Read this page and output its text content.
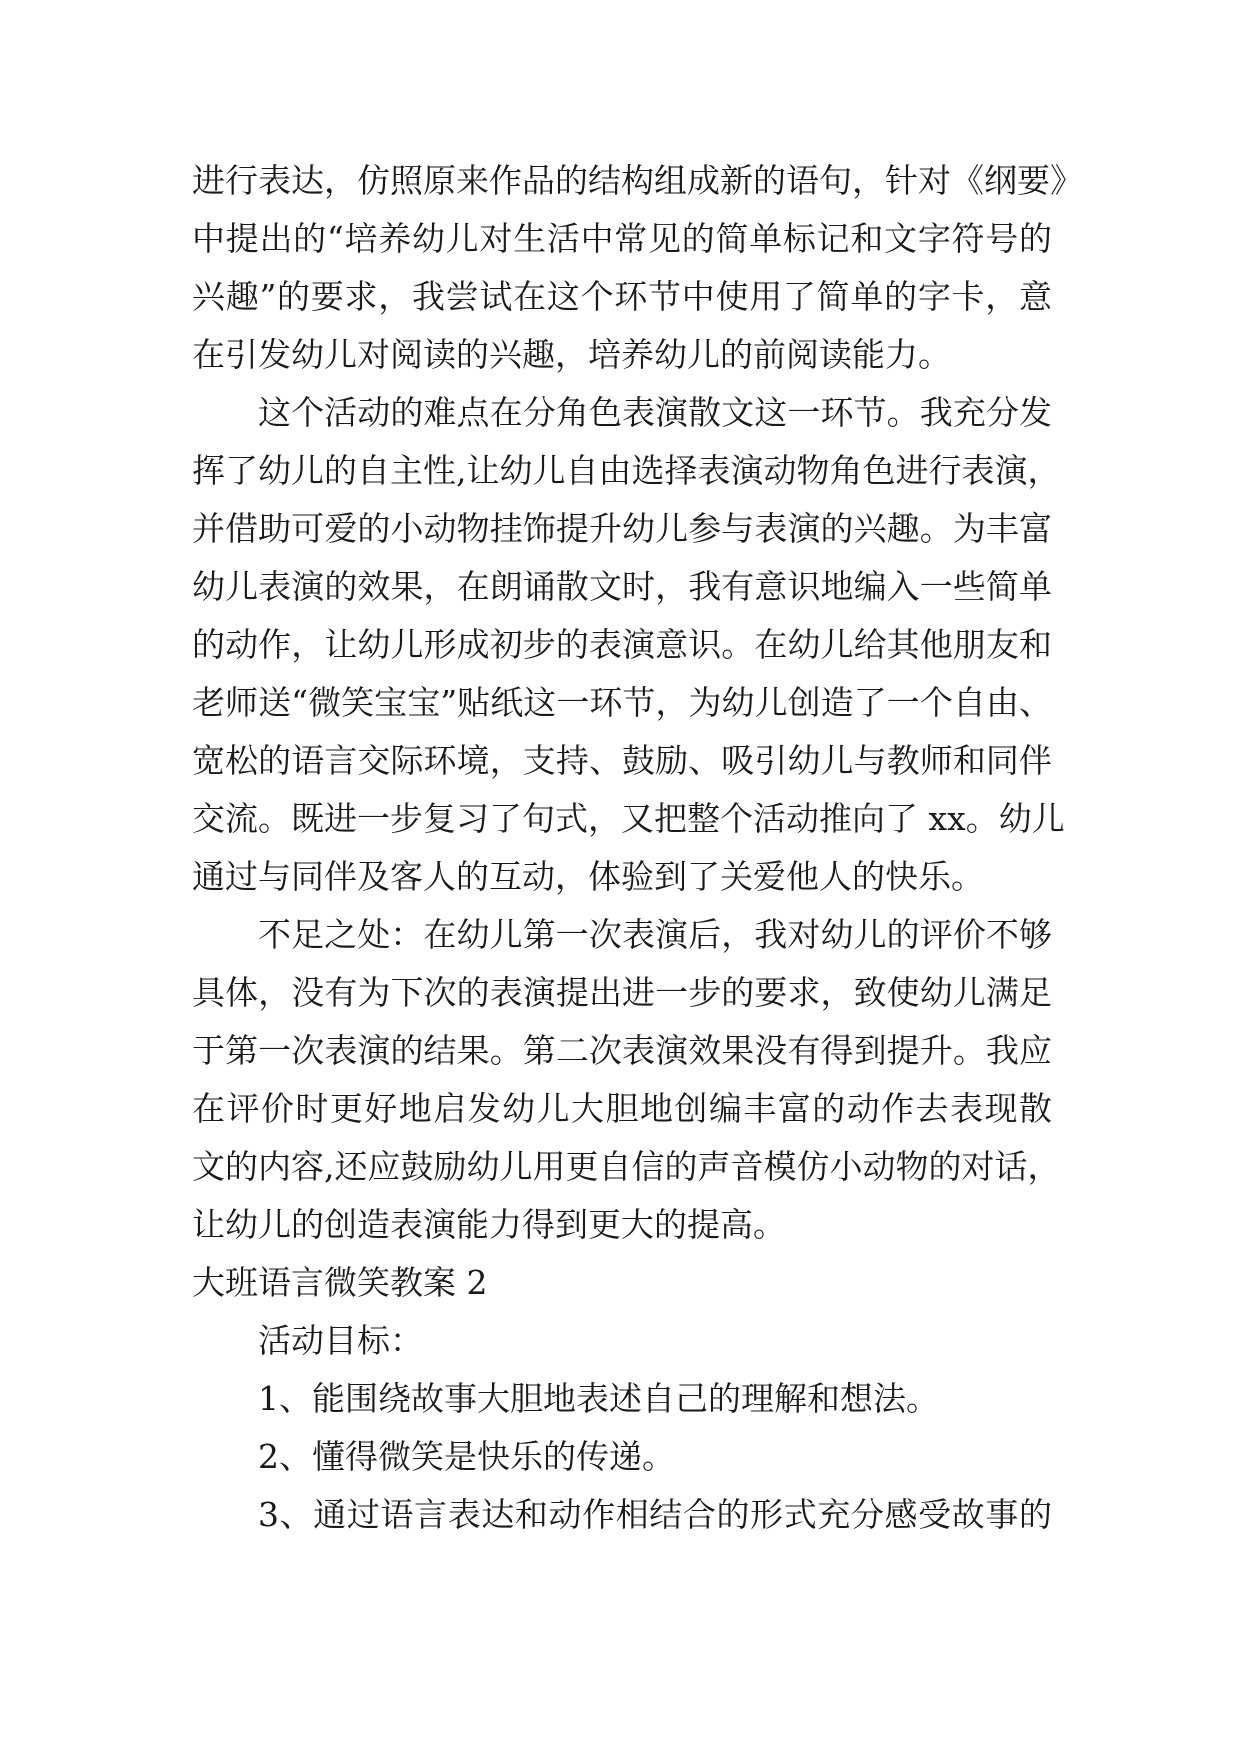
进行表达，仿照原来作品的结构组成新的语句，针对《纲要》
中提出的“培养幼儿对生活中常见的简单标记和文字符号的
兴趣”的要求，我尝试在这个环节中使用了简单的字卡，意
在引发幼儿对阅读的兴趣，培养幼儿的前阅读能力。
这个活动的难点在分角色表演散文这一环节。我充分发
挥了幼儿的自主性,让幼儿自由选择表演动物角色进行表演，
并借助可爱的小动物挂饰提升幼儿参与表演的兴趣。为丰富
幼儿表演的效果，在朗诵散文时，我有意识地编入一些简单
的动作，让幼儿形成初步的表演意识。在幼儿给其他朋友和
老师送“微笑宝宝”贴纸这一环节，为幼儿创造了一个自由、
宽松的语言交际环境，支持、鼓励、吸引幼儿与教师和同伴
交流。既进一步复习了句式，又把整个活动推向了 xx。幼儿
通过与同伴及客人的互动，体验到了关爱他人的快乐。
不足之处：在幼儿第一次表演后，我对幼儿的评价不够
具体，没有为下次的表演提出进一步的要求，致使幼儿满足
于第一次表演的结果。第二次表演效果没有得到提升。我应
在评价时更好地启发幼儿大胆地创编丰富的动作去表现散
文的内容,还应鼓励幼儿用更自信的声音模仿小动物的对话，
让幼儿的创造表演能力得到更大的提高。
大班语言微笑教案 2
活动目标：
1、能围绕故事大胆地表述自己的理解和想法。
2、懂得微笑是快乐的传递。
3、通过语言表达和动作相结合的形式充分感受故事的
